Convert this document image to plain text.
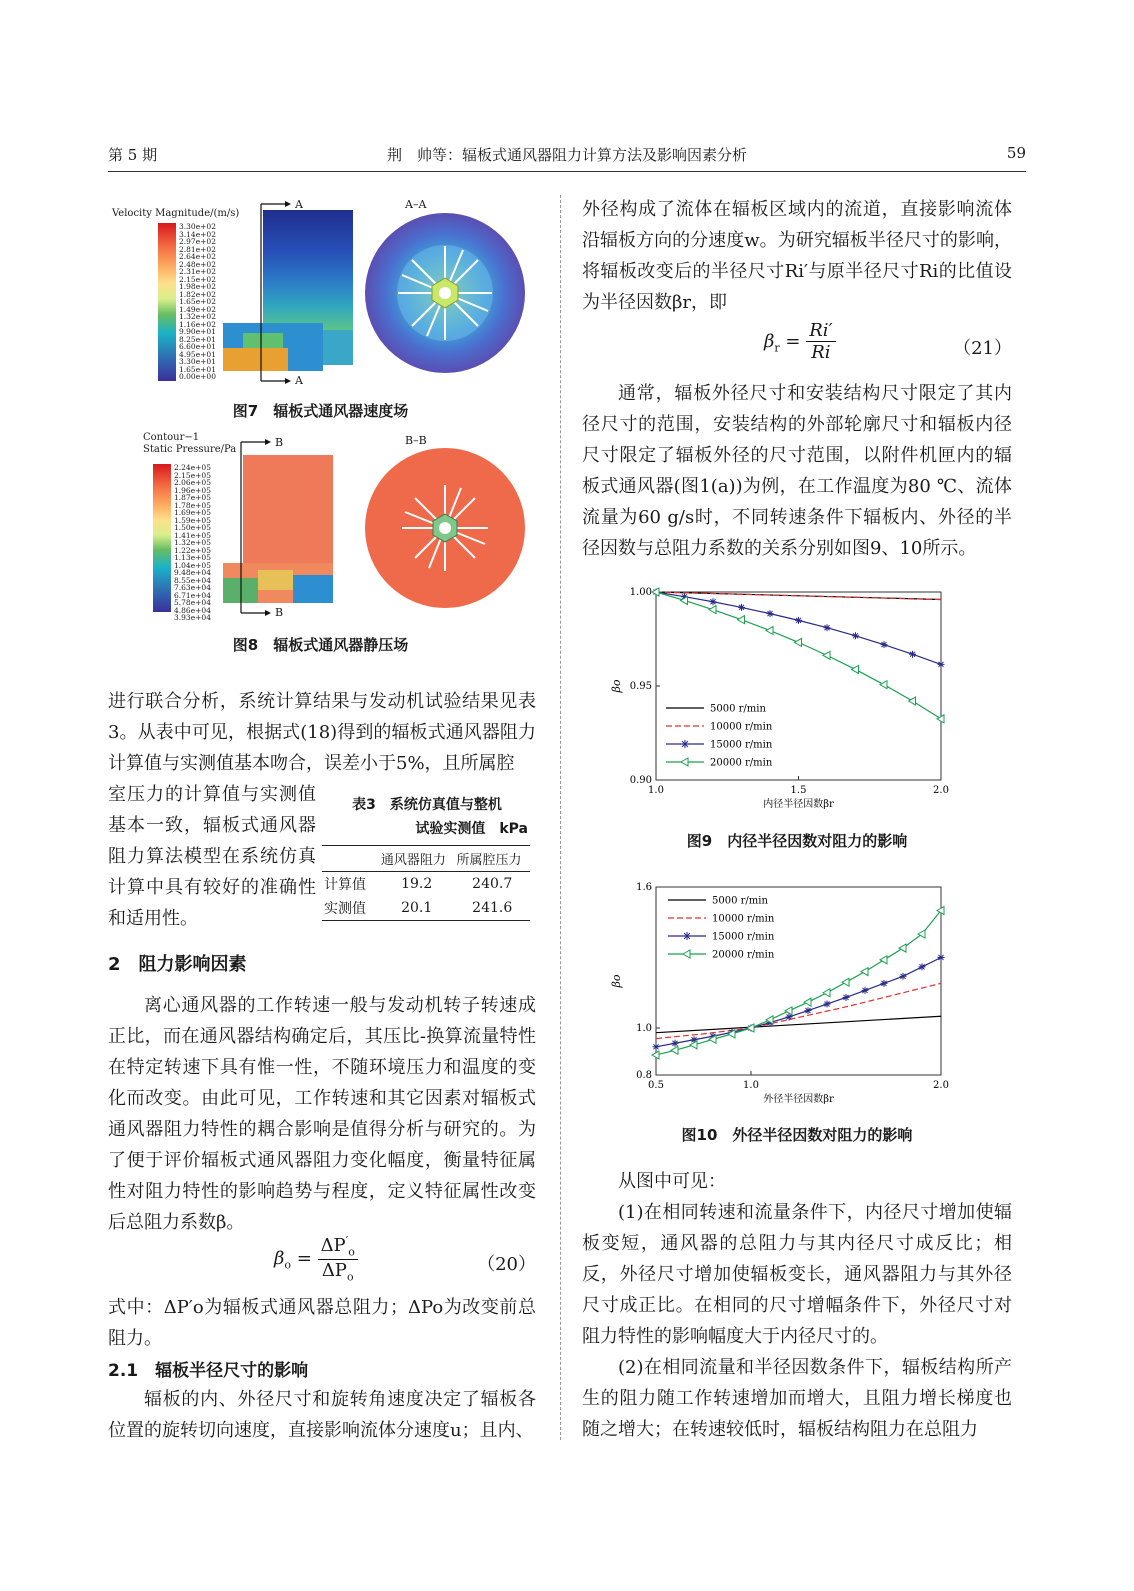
第 5 期	荆　帅等：辐板式通风器阻力计算方法及影响因素分析	59
Velocity Magnitude/(m/s)
3.30e+02
3.14e+02
2.97e+02
2.81e+02
2.64e+02
2.48e+02
2.31e+02
2.15e+02
1.98e+02
1.82e+02
1.65e+02
1.49e+02
1.32e+02
1.16e+02
9.90e+01
8.25e+01
6.60e+01
4.95e+01
3.30e+01
1.65e+01
0.00e+00
A
A
A–A
图7　辐板式通风器速度场
Contour−1
Static Pressure/Pa
2.24e+05
2.15e+05
2.06e+05
1.96e+05
1.87e+05
1.78e+05
1.69e+05
1.59e+05
1.50e+05
1.41e+05
1.32e+05
1.22e+05
1.13e+05
1.04e+05
9.48e+04
8.55e+04
7.63e+04
6.71e+04
5.78e+04
4.86e+04
3.93e+04
B
B
B–B
图8　辐板式通风器静压场

进行联合分析，系统计算结果与发动机试验结果见表3。从表中可见，根据式(18)得到的辐板式通风器阻力计算值与实测值基本吻合，误差小于5%，且所属腔

室压力的计算值与实测值基本一致，辐板式通风器阻力算法模型在系统仿真计算中具有较好的准确性和适用性。

表3　系统仿真值与整机
试验实测值　kPa
	通风器阻力	所属腔压力
计算值	19.2	240.7
实测值	20.1	241.6
2　阻力影响因素

离心通风器的工作转速一般与发动机转子转速成正比，而在通风器结构确定后，其压比-换算流量特性在特定转速下具有惟一性，不随环境压力和温度的变化而改变。由此可见，工作转速和其它因素对辐板式通风器阻力特性的耦合影响是值得分析与研究的。为了便于评价辐板式通风器阻力变化幅度，衡量特征属性对阻力特性的影响趋势与程度，定义特征属性改变后总阻力系数β。

$\beta_o = \frac{\Delta P'_o}{\Delta P_o}$	（20）

式中：ΔP′o为辐板式通风器总阻力；ΔPo为改变前总阻力。

2.1　辐板半径尺寸的影响

辐板的内、外径尺寸和旋转角速度决定了辐板各位置的旋转切向速度，直接影响流体分速度u；且内、

外径构成了流体在辐板区域内的流道，直接影响流体沿辐板方向的分速度w。为研究辐板半径尺寸的影响，将辐板改变后的半径尺寸Ri′与原半径尺寸Ri的比值设为半径因数βr，即

$\beta_r = \frac{Ri'}{Ri}$	（21）

通常，辐板外径尺寸和安装结构尺寸限定了其内径尺寸的范围，安装结构的外部轮廓尺寸和辐板内径尺寸限定了辐板外径的尺寸范围，以附件机匣内的辐板式通风器(图1(a))为例，在工作温度为80 ℃、流体流量为60 g/s时，不同转速条件下辐板内、外径的半径因数与总阻力系数的关系分别如图9、10所示。

1.0	1.5	2.0
0.90
0.95
1.00
内径半径因数βr
βo
5000 r/min
10000 r/min
15000 r/min
20000 r/min
图9　内径半径因数对阻力的影响
0.5	1.0	2.0
0.8
1.0
1.6
外径半径因数βr
βo
5000 r/min
10000 r/min
15000 r/min
20000 r/min
图10　外径半径因数对阻力的影响

从图中可见：

(1)在相同转速和流量条件下，内径尺寸增加使辐板变短，通风器的总阻力与其内径尺寸成反比；相反，外径尺寸增加使辐板变长，通风器阻力与其外径尺寸成正比。在相同的尺寸增幅条件下，外径尺寸对阻力特性的影响幅度大于内径尺寸的。

(2)在相同流量和半径因数条件下，辐板结构所产生的阻力随工作转速增加而增大，且阻力增长梯度也随之增大；在转速较低时，辐板结构阻力在总阻力
